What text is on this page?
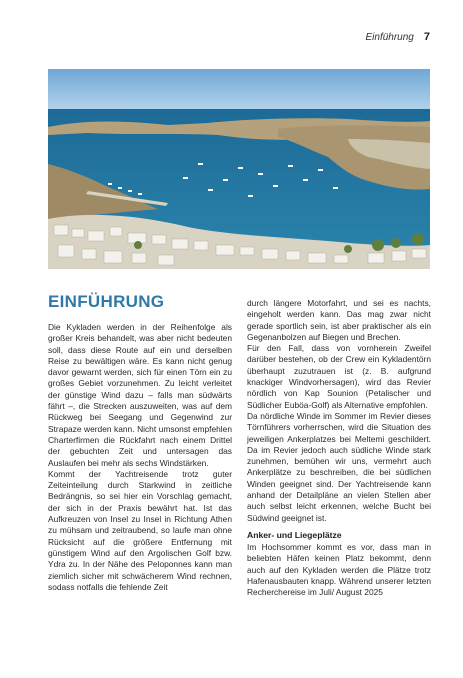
Einführung 7
EINFÜHRUNG

Die Kykladen werden in der Reihenfolge als großer Kreis behandelt, was aber nicht bedeuten soll, dass diese Route auf ein und derselben Reise zu bewältigen wäre. Es kann nicht genug davor gewarnt werden, sich für einen Törn ein zu großes Gebiet vorzunehmen. Zu leicht verleitet der günstige Wind dazu – falls man südwärts fährt –, die Strecken auszuweiten, was auf dem Rückweg bei Seegang und Gegenwind zur Strapaze werden kann. Nicht umsonst empfehlen Charterfirmen die Rückfahrt nach einem Drittel der gebuchten Zeit und untersagen das Auslaufen bei mehr als sechs Windstärken.

Kommt der Yachtreisende trotz guter Zeiteinteilung durch Starkwind in zeitliche Bedrängnis, so sei hier ein Vorschlag gemacht, der sich in der Praxis bewährt hat. Ist das Aufkreuzen von Insel zu Insel in Richtung Athen zu mühsam und zeitraubend, so laufe man ohne Rücksicht auf die größere Entfernung mit günstigem Wind auf den Argolischen Golf bzw. Ydra zu. In der Nähe des Peloponnes kann man ziemlich sicher mit schwächerem Wind rechnen, sodass notfalls die fehlende Zeit

durch längere Motorfahrt, und sei es nachts, eingeholt werden kann. Das mag zwar nicht gerade sportlich sein, ist aber praktischer als ein Gegenanbolzen auf Biegen und Brechen.

Für den Fall, dass von vornherein Zweifel darüber bestehen, ob der Crew ein Kykladentörn überhaupt zuzutrauen ist (z. B. aufgrund knackiger Windvorhersagen), wird das Revier nördlich von Kap Sounion (Petalischer und Südlicher Euböa-Golf) als Alternative empfohlen.

Da nördliche Winde im Sommer im Revier dieses Törnführers vorherrschen, wird die Situation des jeweiligen Ankerplatzes bei Meltemi geschildert. Da im Revier jedoch auch südliche Winde stark zunehmen, bemühen wir uns, vermehrt auch Ankerplätze zu beschreiben, die bei südlichen Winden geeignet sind. Der Yachtreisende kann anhand der Detailpläne an vielen Stellen aber auch selbst leicht erkennen, welche Bucht bei Südwind geeignet ist.

Anker- und Liegeplätze

Im Hochsommer kommt es vor, dass man in beliebten Häfen keinen Platz bekommt, denn auch auf den Kykladen werden die Plätze trotz Hafenausbauten knapp. Während unserer letzten Recherchereise im Juli/ August 2025
